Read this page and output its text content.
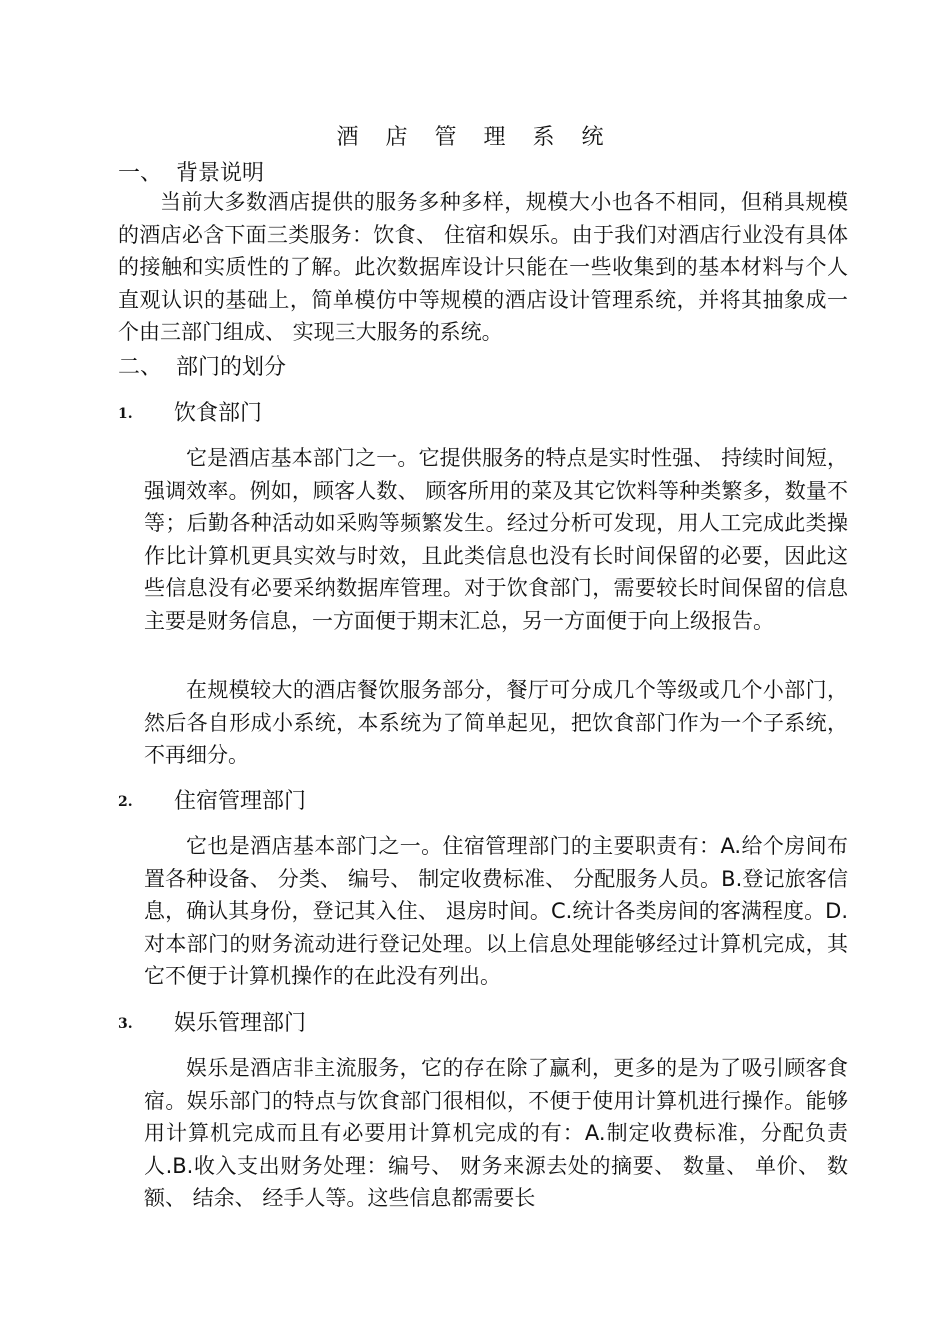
酒 店 管 理 系 统
一、 背景说明

当前大多数酒店提供的服务多种多样，规模大小也各不相同，但稍具规模的酒店必含下面三类服务：饮食、 住宿和娱乐。由于我们对酒店行业没有具体的接触和实质性的了解。此次数据库设计只能在一些收集到的基本材料与个人直观认识的基础上，简单模仿中等规模的酒店设计管理系统，并将其抽象成一个由三部门组成、 实现三大服务的系统。

二、 部门的划分
1. 饮食部门

它是酒店基本部门之一。它提供服务的特点是实时性强、 持续时间短，强调效率。例如，顾客人数、 顾客所用的菜及其它饮料等种类繁多，数量不等；后勤各种活动如采购等频繁发生。经过分析可发现，用人工完成此类操作比计算机更具实效与时效，且此类信息也没有长时间保留的必要，因此这些信息没有必要采纳数据库管理。对于饮食部门，需要较长时间保留的信息主要是财务信息，一方面便于期末汇总，另一方面便于向上级报告。

在规模较大的酒店餐饮服务部分，餐厅可分成几个等级或几个小部门，然后各自形成小系统，本系统为了简单起见，把饮食部门作为一个子系统，不再细分。

2. 住宿管理部门

它也是酒店基本部门之一。住宿管理部门的主要职责有：A.给个房间布置各种设备、 分类、 编号、 制定收费标准、 分配服务人员。B.登记旅客信息，确认其身份，登记其入住、 退房时间。C.统计各类房间的客满程度。D.对本部门的财务流动进行登记处理。以上信息处理能够经过计算机完成，其它不便于计算机操作的在此没有列出。

3. 娱乐管理部门

娱乐是酒店非主流服务，它的存在除了赢利，更多的是为了吸引顾客食宿。娱乐部门的特点与饮食部门很相似，不便于使用计算机进行操作。能够用计算机完成而且有必要用计算机完成的有：A.制定收费标准，分配负责人.B.收入支出财务处理：编号、 财务来源去处的摘要、 数量、 单价、 数额、 结余、 经手人等。这些信息都需要长
